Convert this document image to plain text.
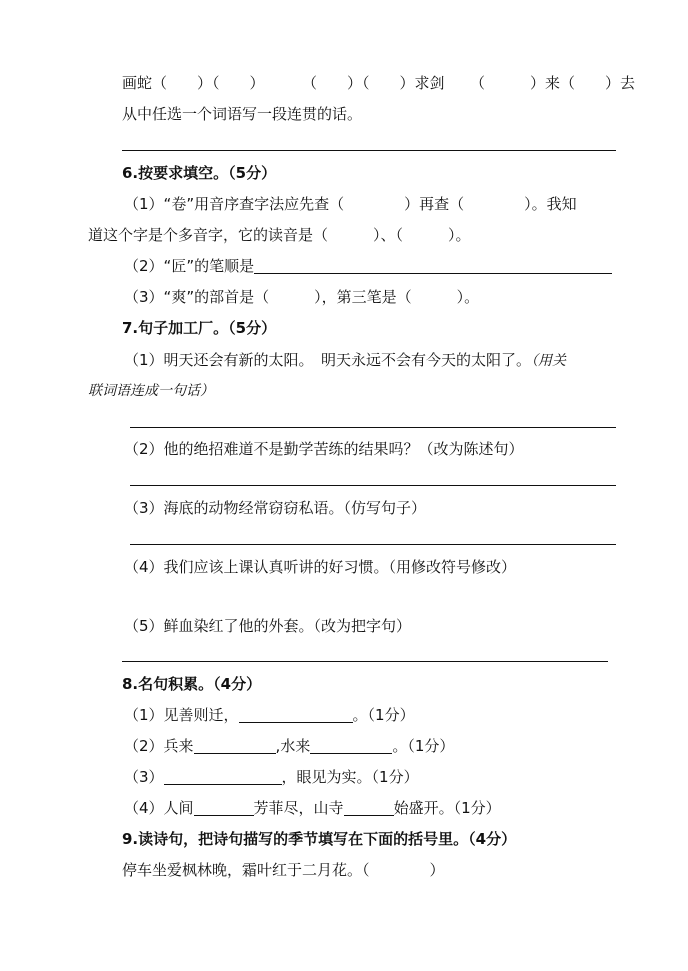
画蛇（　　）（　　） （　　）（　　）求剑 （　　　）来（　　）去
从中任选一个词语写一段连贯的话。
6.按要求填空。（5分）
（1）“卷”用音序查字法应先查（　　　　）再查（　　　　）。我知
道这个字是个多音字，它的读音是（　　　）、（　　　）。
（2）“匠”的笔顺是
（3）“爽”的部首是（　　　），第三笔是（　　　）。
7.句子加工厂。（5分）
（1）明天还会有新的太阳。　明天永远不会有今天的太阳了。（用关
联词语连成一句话）
（2）他的绝招难道不是勤学苦练的结果吗？（改为陈述句）
（3）海底的动物经常窃窃私语。（仿写句子）
（4）我们应该上课认真听讲的好习惯。（用修改符号修改）
（5）鲜血染红了他的外套。（改为把字句）
8.名句积累。（4分）
（1）见善则迁，	。（1分）
（2）兵来	,水来	。（1分）
（3）	，眼见为实。（1分）
（4）人间	芳菲尽，山寺	始盛开。（1分）
9.读诗句，把诗句描写的季节填写在下面的括号里。（4分）
停车坐爱枫林晚，霜叶红于二月花。（　　　　）
